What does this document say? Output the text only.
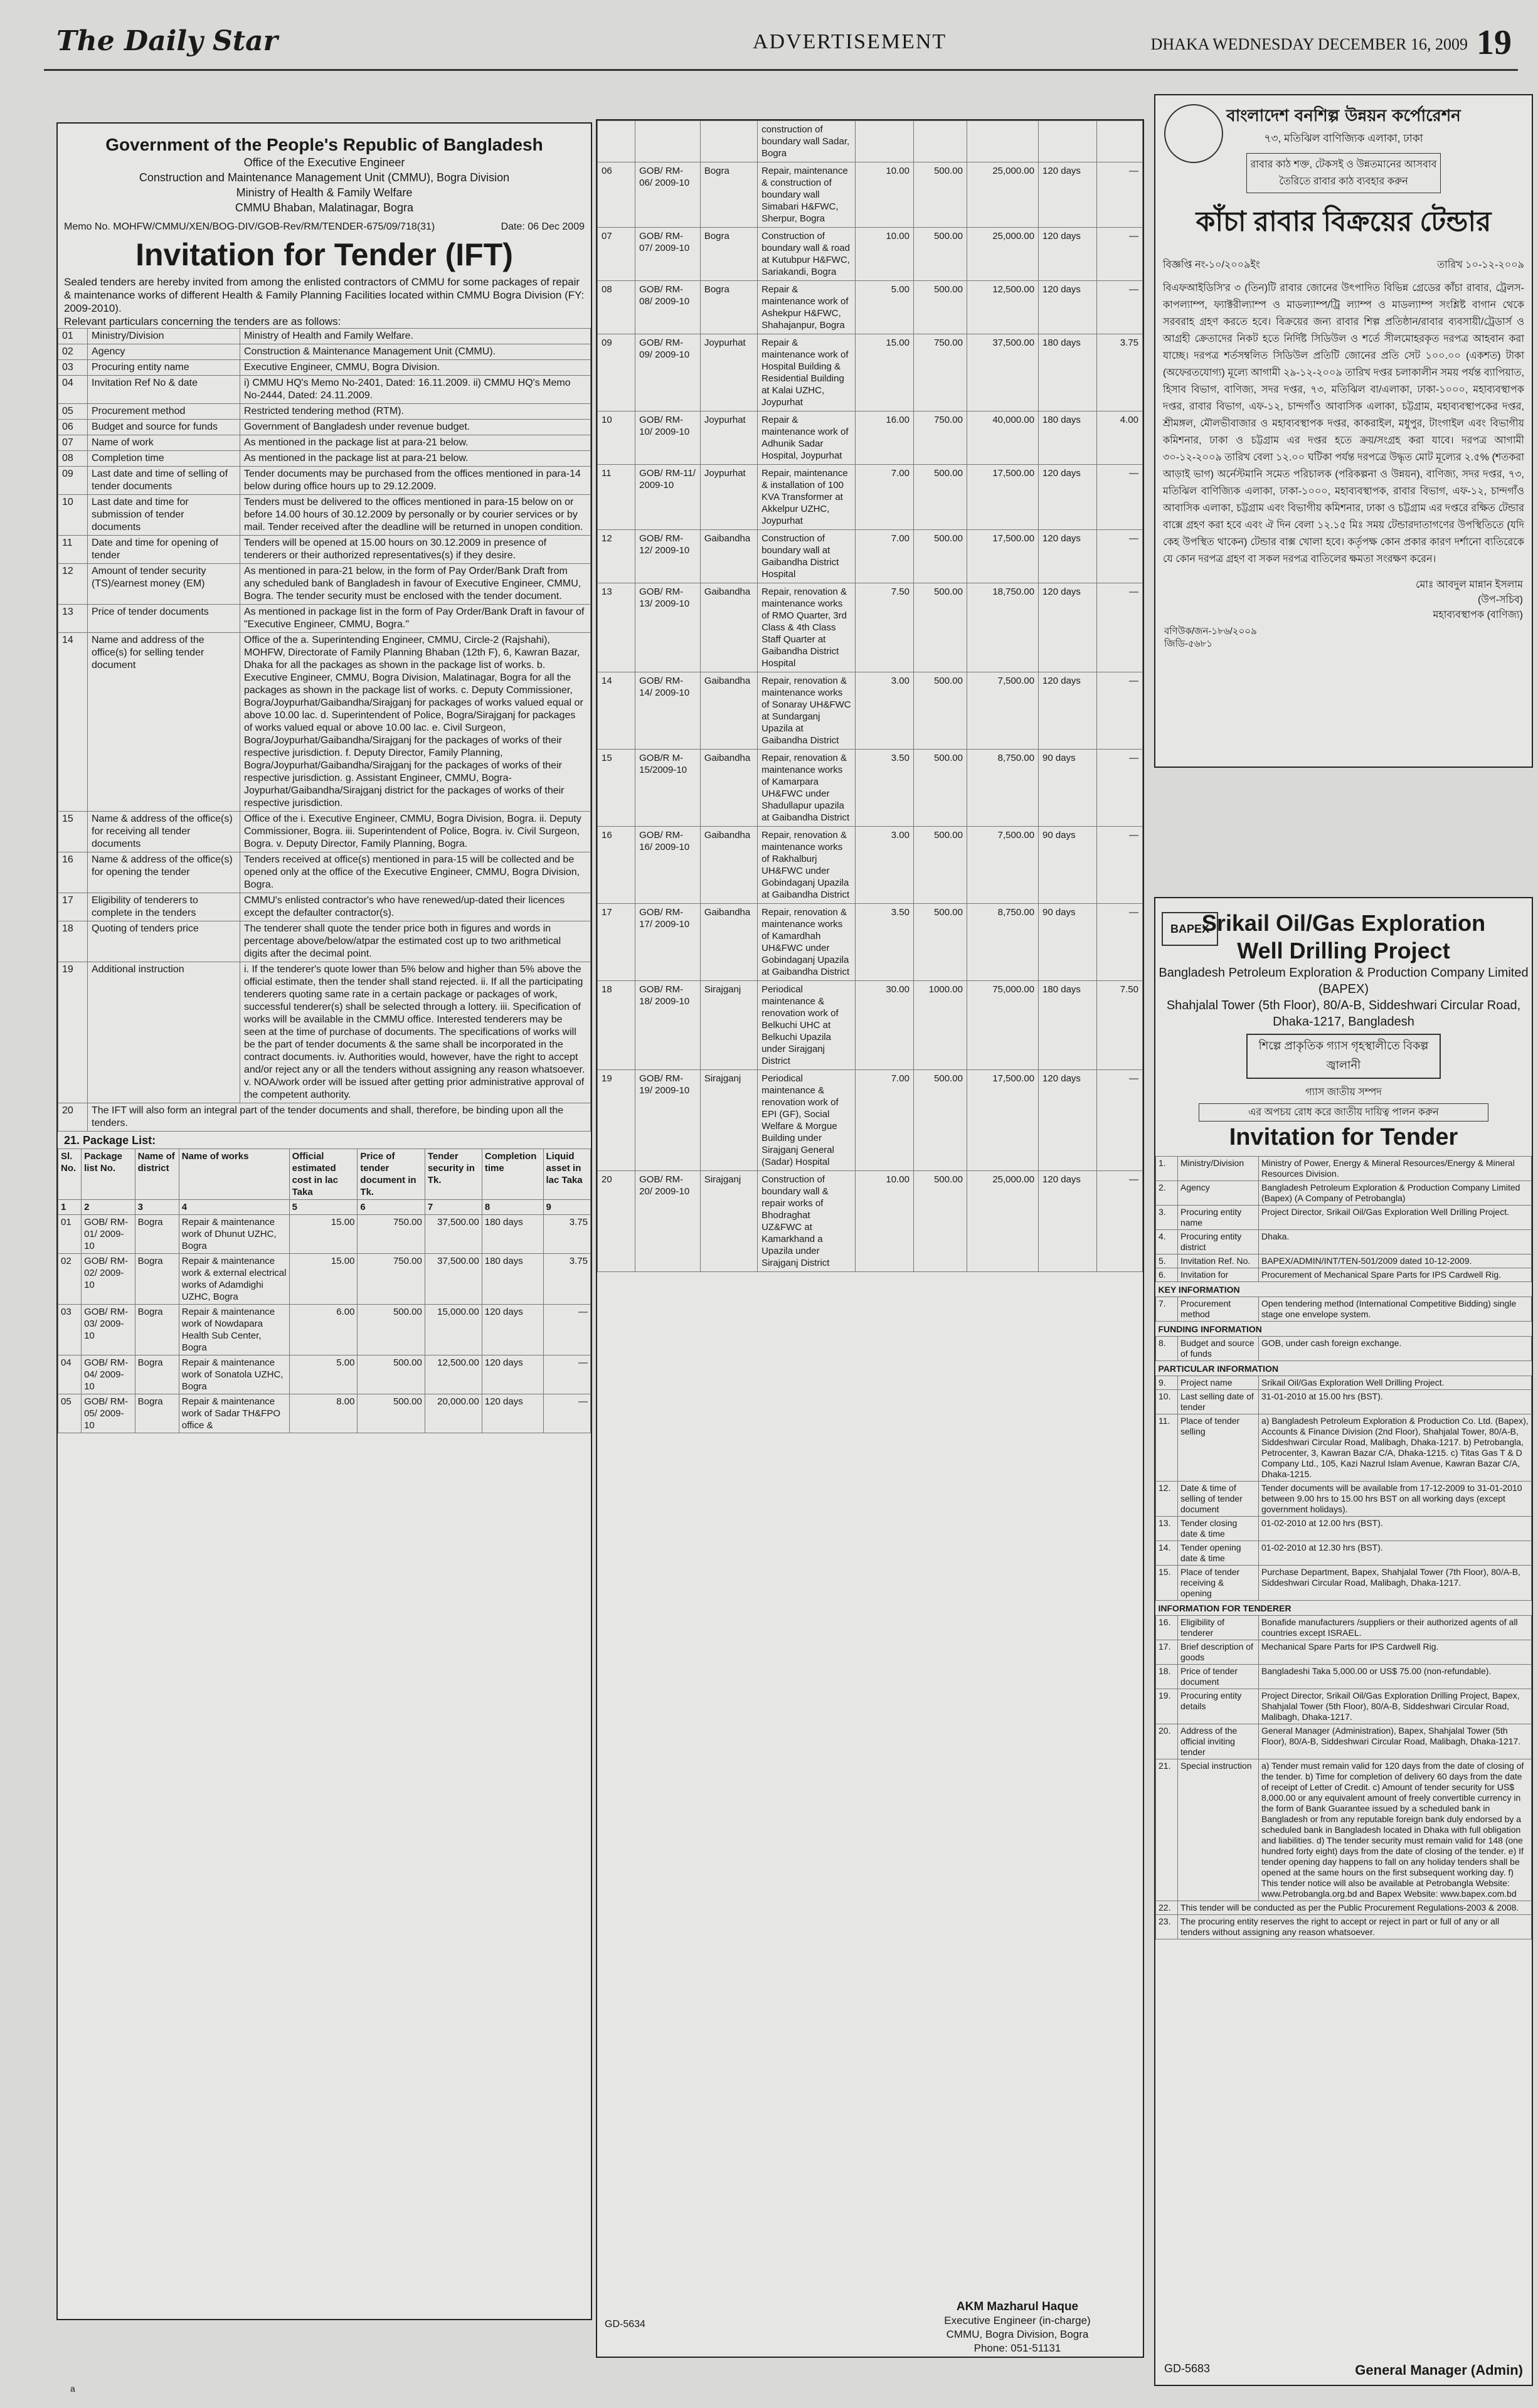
The Daily Star	ADVERTISEMENT	DHAKA WEDNESDAY DECEMBER 16, 2009 19
Government of the People's Republic of Bangladesh
Office of the Executive Engineer
Construction and Maintenance Management Unit (CMMU), Bogra Division
Ministry of Health & Family Welfare
CMMU Bhaban, Malatinagar, Bogra
Memo No. MOHFW/CMMU/XEN/BOG-DIV/GOB-Rev/RM/TENDER-675/09/718(31)	Date: 06 Dec 2009
Invitation for Tender (IFT)
Sealed tenders are hereby invited from among the enlisted contractors of CMMU for some packages of repair & maintenance works of different Health & Family Planning Facilities located within CMMU Bogra Division (FY: 2009-2010).
Relevant particulars concerning the tenders are as follows:
01	Ministry/Division	Ministry of Health and Family Welfare.
02	Agency	Construction & Maintenance Management Unit (CMMU).
03	Procuring entity name	Executive Engineer, CMMU, Bogra Division.
04	Invitation Ref No & date	i) CMMU HQ's Memo No-2401, Dated: 16.11.2009. ii) CMMU HQ's Memo No-2444, Dated: 24.11.2009.
05	Procurement method	Restricted tendering method (RTM).
06	Budget and source for funds	Government of Bangladesh under revenue budget.
07	Name of work	As mentioned in the package list at para-21 below.
08	Completion time	As mentioned in the package list at para-21 below.
09	Last date and time of selling of tender documents	Tender documents may be purchased from the offices mentioned in para-14 below during office hours up to 29.12.2009.
10	Last date and time for submission of tender documents	Tenders must be delivered to the offices mentioned in para-15 below on or before 14.00 hours of 30.12.2009 by personally or by courier services or by mail. Tender received after the deadline will be returned in unopen condition.
11	Date and time for opening of tender	Tenders will be opened at 15.00 hours on 30.12.2009 in presence of tenderers or their authorized representatives(s) if they desire.
12	Amount of tender security (TS)/earnest money (EM)	As mentioned in para-21 below, in the form of Pay Order/Bank Draft from any scheduled bank of Bangladesh in favour of Executive Engineer, CMMU, Bogra. The tender security must be enclosed with the tender document.
13	Price of tender documents	As mentioned in package list in the form of Pay Order/Bank Draft in favour of "Executive Engineer, CMMU, Bogra."
14	Name and address of the office(s) for selling tender document	Office of the a. Superintending Engineer, CMMU, Circle-2 (Rajshahi), MOHFW, Directorate of Family Planning Bhaban (12th F), 6, Kawran Bazar, Dhaka for all the packages as shown in the package list of works. b. Executive Engineer, CMMU, Bogra Division, Malatinagar, Bogra for all the packages as shown in the package list of works. c. Deputy Commissioner, Bogra/Joypurhat/Gaibandha/Sirajganj for packages of works valued equal or above 10.00 lac. d. Superintendent of Police, Bogra/Sirajganj for packages of works valued equal or above 10.00 lac. e. Civil Surgeon, Bogra/Joypurhat/Gaibandha/Sirajganj for the packages of works of their respective jurisdiction. f. Deputy Director, Family Planning, Bogra/Joypurhat/Gaibandha/Sirajganj for the packages of works of their respective jurisdiction. g. Assistant Engineer, CMMU, Bogra-Joypurhat/Gaibandha/Sirajganj district for the packages of works of their respective jurisdiction.
15	Name & address of the office(s) for receiving all tender documents	Office of the i. Executive Engineer, CMMU, Bogra Division, Bogra. ii. Deputy Commissioner, Bogra. iii. Superintendent of Police, Bogra. iv. Civil Surgeon, Bogra. v. Deputy Director, Family Planning, Bogra.
16	Name & address of the office(s) for opening the tender	Tenders received at office(s) mentioned in para-15 will be collected and be opened only at the office of the Executive Engineer, CMMU, Bogra Division, Bogra.
17	Eligibility of tenderers to complete in the tenders	CMMU's enlisted contractor's who have renewed/up-dated their licences except the defaulter contractor(s).
18	Quoting of tenders price	The tenderer shall quote the tender price both in figures and words in percentage above/below/atpar the estimated cost up to two arithmetical digits after the decimal point.
19	Additional instruction	i. If the tenderer's quote lower than 5% below and higher than 5% above the official estimate, then the tender shall stand rejected. ii. If all the participating tenderers quoting same rate in a certain package or packages of work, successful tenderer(s) shall be selected through a lottery. iii. Specification of works will be available in the CMMU office. Interested tenderers may be seen at the time of purchase of documents. The specifications of works will be the part of tender documents & the same shall be incorporated in the contract documents. iv. Authorities would, however, have the right to accept and/or reject any or all the tenders without assigning any reason whatsoever. v. NOA/work order will be issued after getting prior administrative approval of the competent authority.
20	The IFT will also form an integral part of the tender documents and shall, therefore, be binding upon all the tenders.	
21. Package List:
Sl. No.	Package list No.	Name of district	Name of works	Official estimated cost in lac Taka	Price of tender document in Tk.	Tender security in Tk.	Completion time	Liquid asset in lac Taka
1	2	3	4	5	6	7	8	9
01	GOB/ RM-01/ 2009-10	Bogra	Repair & maintenance work of Dhunut UZHC, Bogra	15.00	750.00	37,500.00	180 days	3.75
02	GOB/ RM-02/ 2009-10	Bogra	Repair & maintenance work & external electrical works of Adamdighi UZHC, Bogra	15.00	750.00	37,500.00	180 days	3.75
03	GOB/ RM-03/ 2009-10	Bogra	Repair & maintenance work of Nowdapara Health Sub Center, Bogra	6.00	500.00	15,000.00	120 days	—
04	GOB/ RM-04/ 2009-10	Bogra	Repair & maintenance work of Sonatola UZHC, Bogra	5.00	500.00	12,500.00	120 days	—
05	GOB/ RM-05/ 2009-10	Bogra	Repair & maintenance work of Sadar TH&FPO office &	8.00	500.00	20,000.00	120 days	—
a
			construction of boundary wall Sadar, Bogra					
06	GOB/ RM-06/ 2009-10	Bogra	Repair, maintenance & construction of boundary wall Simabari H&FWC, Sherpur, Bogra	10.00	500.00	25,000.00	120 days	—
07	GOB/ RM-07/ 2009-10	Bogra	Construction of boundary wall & road at Kutubpur H&FWC, Sariakandi, Bogra	10.00	500.00	25,000.00	120 days	—
08	GOB/ RM-08/ 2009-10	Bogra	Repair & maintenance work of Ashekpur H&FWC, Shahajanpur, Bogra	5.00	500.00	12,500.00	120 days	—
09	GOB/ RM-09/ 2009-10	Joypurhat	Repair & maintenance work of Hospital Building & Residential Building at Kalai UZHC, Joypurhat	15.00	750.00	37,500.00	180 days	3.75
10	GOB/ RM-10/ 2009-10	Joypurhat	Repair & maintenance work of Adhunik Sadar Hospital, Joypurhat	16.00	750.00	40,000.00	180 days	4.00
11	GOB/ RM-11/ 2009-10	Joypurhat	Repair, maintenance & installation of 100 KVA Transformer at Akkelpur UZHC, Joypurhat	7.00	500.00	17,500.00	120 days	—
12	GOB/ RM-12/ 2009-10	Gaibandha	Construction of boundary wall at Gaibandha District Hospital	7.00	500.00	17,500.00	120 days	—
13	GOB/ RM-13/ 2009-10	Gaibandha	Repair, renovation & maintenance works of RMO Quarter, 3rd Class & 4th Class Staff Quarter at Gaibandha District Hospital	7.50	500.00	18,750.00	120 days	—
14	GOB/ RM-14/ 2009-10	Gaibandha	Repair, renovation & maintenance works of Sonaray UH&FWC at Sundarganj Upazila at Gaibandha District	3.00	500.00	7,500.00	120 days	—
15	GOB/R M-15/2009-10	Gaibandha	Repair, renovation & maintenance works of Kamarpara UH&FWC under Shadullapur upazila at Gaibandha District	3.50	500.00	8,750.00	90 days	—
16	GOB/ RM-16/ 2009-10	Gaibandha	Repair, renovation & maintenance works of Rakhalburj UH&FWC under Gobindaganj Upazila at Gaibandha District	3.00	500.00	7,500.00	90 days	—
17	GOB/ RM-17/ 2009-10	Gaibandha	Repair, renovation & maintenance works of Kamardhah UH&FWC under Gobindaganj Upazila at Gaibandha District	3.50	500.00	8,750.00	90 days	—
18	GOB/ RM-18/ 2009-10	Sirajganj	Periodical maintenance & renovation work of Belkuchi UHC at Belkuchi Upazila under Sirajganj District	30.00	1000.00	75,000.00	180 days	7.50
19	GOB/ RM-19/ 2009-10	Sirajganj	Periodical maintenance & renovation work of EPI (GF), Social Welfare & Morgue Building under Sirajganj General (Sadar) Hospital	7.00	500.00	17,500.00	120 days	—
20	GOB/ RM-20/ 2009-10	Sirajganj	Construction of boundary wall & repair works of Bhodraghat UZ&FWC at Kamarkhand a Upazila under Sirajganj District	10.00	500.00	25,000.00	120 days	—
GD-5634
AKM Mazharul Haque
Executive Engineer (in-charge)
CMMU, Bogra Division, Bogra
Phone: 051-51131
বাংলাদেশ বনশিল্প উন্নয়ন কর্পোরেশন
৭৩, মতিঝিল বাণিজ্যিক এলাকা, ঢাকা
রাবার কাঠ শক্ত, টেকসই ও উন্নতমানের আসবাব তৈরিতে রাবার কাঠ ব্যবহার করুন
কাঁচা রাবার বিক্রয়ের টেন্ডার
বিজ্ঞপ্তি নং-১০/২০০৯ইং	তারিখ ১০-১২-২০০৯
বিএফআইডিসি'র ৩ (তিন)টি রাবার জোনের উৎপাদিত বিভিন্ন গ্রেডের কাঁচা রাবার, ট্রেলস-কাপল্যাম্প, ফ্যাক্টরীল্যাম্প ও মাডল্যাম্প/ট্রি ল্যাম্প ও মাডল্যাম্প সংশ্লিষ্ট বাগান থেকে সরবরাহ গ্রহণ করতে হবে। বিক্রয়ের জন্য রাবার শিল্প প্রতিষ্ঠান/রাবার ব্যবসায়ী/ট্রেডার্স ও আগ্রহী ক্রেতাদের নিকট হতে নির্দিষ্ট সিডিউল ও শর্তে সীলমোহরকৃত দরপত্র আহবান করা যাচ্ছে। দরপত্র শর্তসম্বলিত সিডিউল প্রতিটি জোনের প্রতি সেট ১০০.০০ (একশত) টাকা (অফেরতযোগ্য) মূল্যে আগামী ২৯-১২-২০০৯ তারিখ দপ্তর চলাকালীন সময় পর্যন্ত ব্যাপিয়াত, হিসাব বিভাগ, বাণিজ্য, সদর দপ্তর, ৭৩, মতিঝিল বা/এলাকা, ঢাকা-১০০০, মহাব্যবস্থাপক দপ্তর, রাবার বিভাগ, এফ-১২, চান্দগাঁও আবাসিক এলাকা, চট্টগ্রাম, মহাব্যবস্থাপকের দপ্তর, শ্রীমঙ্গল, মৌলভীবাজার ও মহাব্যবস্থাপক দপ্তর, কাকরাইল, মধুপুর, টাংগাইল এবং বিভাগীয় কমিশনার, ঢাকা ও চট্টগ্রাম এর দপ্তর হতে ক্রয়/সংগ্রহ করা যাবে। দরপত্র আগামী ৩০-১২-২০০৯ তারিখ বেলা ১২.০০ ঘটিকা পর্যন্ত দরপত্রে উদ্ধৃত মোট মূল্যের ২.৫% (শতকরা আড়াই ভাগ) অর্নেস্টমানি সমেত পরিচালক (পরিকল্পনা ও উন্নয়ন), বাণিজ্য, সদর দপ্তর, ৭৩, মতিঝিল বাণিজ্যিক এলাকা, ঢাকা-১০০০, মহাব্যবস্থাপক, রাবার বিভাগ, এফ-১২, চান্দগাঁও আবাসিক এলাকা, চট্টগ্রাম এবং বিভাগীয় কমিশনার, ঢাকা ও চট্টগ্রাম এর দপ্তরে রক্ষিত টেন্ডার বাক্সে গ্রহণ করা হবে এবং ঐ দিন বেলা ১২.১৫ মিঃ সময় টেন্ডারদাতাগণের উপস্থিতিতে (যদি কেহ উপস্থিত থাকেন) টেন্ডার বাক্স খোলা হবে। কর্তৃপক্ষ কোন প্রকার কারণ দর্শানো ব্যতিরেকে যে কোন দরপত্র গ্রহণ বা সকল দরপত্র বাতিলের ক্ষমতা সংরক্ষণ করেন।
মোঃ আবদুল মান্নান ইসলাম
(উপ-সচিব)
মহাব্যবস্থাপক (বাণিজ্য)
বণিউক/জন-১৮৬/২০০৯
জিডি-৫৬৮১
BAPEX
Srikail Oil/Gas Exploration
Well Drilling Project
Bangladesh Petroleum Exploration & Production Company Limited (BAPEX)
Shahjalal Tower (5th Floor), 80/A-B, Siddeshwari Circular Road, Dhaka-1217, Bangladesh
শিল্পে প্রাকৃতিক গ্যাস গৃহস্থালীতে বিকল্প জ্বালানী
গ্যাস জাতীয় সম্পদ
এর অপচয় রোধ করে জাতীয় দায়িত্ব পালন করুন
Invitation for Tender
1.	Ministry/Division	Ministry of Power, Energy & Mineral Resources/Energy & Mineral Resources Division.
2.	Agency	Bangladesh Petroleum Exploration & Production Company Limited (Bapex) (A Company of Petrobangla)
3.	Procuring entity name	Project Director, Srikail Oil/Gas Exploration Well Drilling Project.
4.	Procuring entity district	Dhaka.
5.	Invitation Ref. No.	BAPEX/ADMIN/INT/TEN-501/2009 dated 10-12-2009.
6.	Invitation for	Procurement of Mechanical Spare Parts for IPS Cardwell Rig.
KEY INFORMATION		
7.	Procurement method	Open tendering method (International Competitive Bidding) single stage one envelope system.
FUNDING INFORMATION		
8.	Budget and source of funds	GOB, under cash foreign exchange.
PARTICULAR INFORMATION		
9.	Project name	Srikail Oil/Gas Exploration Well Drilling Project.
10.	Last selling date of tender	31-01-2010 at 15.00 hrs (BST).
11.	Place of tender selling	a) Bangladesh Petroleum Exploration & Production Co. Ltd. (Bapex), Accounts & Finance Division (2nd Floor), Shahjalal Tower, 80/A-B, Siddeshwari Circular Road, Malibagh, Dhaka-1217. b) Petrobangla, Petrocenter, 3, Kawran Bazar C/A, Dhaka-1215. c) Titas Gas T & D Company Ltd., 105, Kazi Nazrul Islam Avenue, Kawran Bazar C/A, Dhaka-1215.
12.	Date & time of selling of tender document	Tender documents will be available from 17-12-2009 to 31-01-2010 between 9.00 hrs to 15.00 hrs BST on all working days (except government holidays).
13.	Tender closing date & time	01-02-2010 at 12.00 hrs (BST).
14.	Tender opening date & time	01-02-2010 at 12.30 hrs (BST).
15.	Place of tender receiving & opening	Purchase Department, Bapex, Shahjalal Tower (7th Floor), 80/A-B, Siddeshwari Circular Road, Malibagh, Dhaka-1217.
INFORMATION FOR TENDERER		
16.	Eligibility of tenderer	Bonafide manufacturers /suppliers or their authorized agents of all countries except ISRAEL.
17.	Brief description of goods	Mechanical Spare Parts for IPS Cardwell Rig.
18.	Price of tender document	Bangladeshi Taka 5,000.00 or US$ 75.00 (non-refundable).
19.	Procuring entity details	Project Director, Srikail Oil/Gas Exploration Drilling Project, Bapex, Shahjalal Tower (5th Floor), 80/A-B, Siddeshwari Circular Road, Malibagh, Dhaka-1217.
20.	Address of the official inviting tender	General Manager (Administration), Bapex, Shahjalal Tower (5th Floor), 80/A-B, Siddeshwari Circular Road, Malibagh, Dhaka-1217.
21.	Special instruction	a) Tender must remain valid for 120 days from the date of closing of the tender. b) Time for completion of delivery 60 days from the date of receipt of Letter of Credit. c) Amount of tender security for US$ 8,000.00 or any equivalent amount of freely convertible currency in the form of Bank Guarantee issued by a scheduled bank in Bangladesh or from any reputable foreign bank duly endorsed by a scheduled bank in Bangladesh located in Dhaka with full obligation and liabilities. d) The tender security must remain valid for 148 (one hundred forty eight) days from the date of closing of the tender. e) If tender opening day happens to fall on any holiday tenders shall be opened at the same hours on the first subsequent working day. f) This tender notice will also be available at Petrobangla Website: www.Petrobangla.org.bd and Bapex Website: www.bapex.com.bd
22.	This tender will be conducted as per the Public Procurement Regulations-2003 & 2008.	
23.	The procuring entity reserves the right to accept or reject in part or full of any or all tenders without assigning any reason whatsoever.	
GD-5683	General Manager (Admin)
